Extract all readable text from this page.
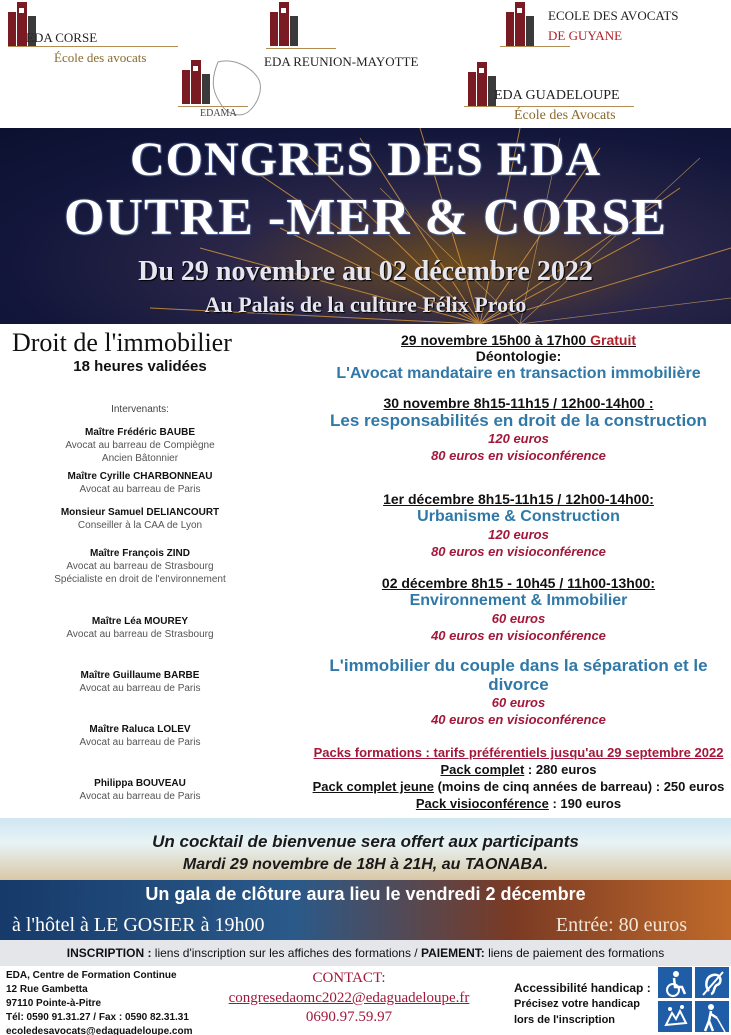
EDA CORSE
École des avocats	EDA REUNION-MAYOTTE
ECOLE DES AVOCATS
DE GUYANE
EDAMA
EDA GUADELOUPE
École des Avocats
CONGRES DES EDA
OUTRE -MER & CORSE
Du 29 novembre au 02 décembre 2022
Au Palais de la culture Félix Proto
Droit de l'immobilier
18 heures validées
Intervenants:
Maître Frédéric BAUBE
Avocat au barreau de Compiègne
Ancien Bâtonnier
Maître Cyrille CHARBONNEAU
Avocat au barreau de Paris
Monsieur Samuel DELIANCOURT
Conseiller à la CAA de Lyon
Maître François ZIND
Avocat au barreau de Strasbourg
Spécialiste en droit de l'environnement
Maître Léa MOUREY
Avocat au barreau de Strasbourg
Maître Guillaume BARBE
Avocat au barreau de Paris
Maître Raluca LOLEV
Avocat au barreau de Paris
Philippa BOUVEAU
Avocat au barreau de Paris
29 novembre 15h00 à 17h00 Gratuit
Déontologie:
L'Avocat mandataire en transaction immobilière
30 novembre 8h15-11h15 / 12h00-14h00 :
Les responsabilités en droit de la construction
120 euros
80 euros en visioconférence
1er décembre 8h15-11h15 / 12h00-14h00:
Urbanisme & Construction
120 euros
80 euros en visioconférence
02 décembre 8h15 - 10h45 / 11h00-13h00:
Environnement & Immobilier
60 euros
40 euros en visioconférence
L'immobilier du couple dans la séparation et le divorce
60 euros
40 euros en visioconférence
Packs formations : tarifs préférentiels jusqu'au 29 septembre 2022
Pack complet : 280 euros
Pack complet jeune (moins de cinq années de barreau) : 250 euros
Pack visioconférence : 190 euros
Un cocktail de bienvenue sera offert aux participants
Mardi 29 novembre de 18H à 21H, au TAONABA.
Un gala de clôture aura lieu le vendredi 2 décembre
à l'hôtel à LE GOSIER à 19h00	Entrée: 80 euros
INSCRIPTION : liens d'inscription sur les affiches des formations / PAIEMENT: liens de paiement des formations
EDA, Centre de Formation Continue
12 Rue Gambetta
97110 Pointe-à-Pitre
Tél: 0590 91.31.27 / Fax : 0590 82.31.31
ecoledesavocats@edaguadeloupe.com
CONTACT:
congresedaomc2022@edaguadeloupe.fr
0690.97.59.97
Accessibilité handicap :
Précisez votre handicap
lors de l'inscription
